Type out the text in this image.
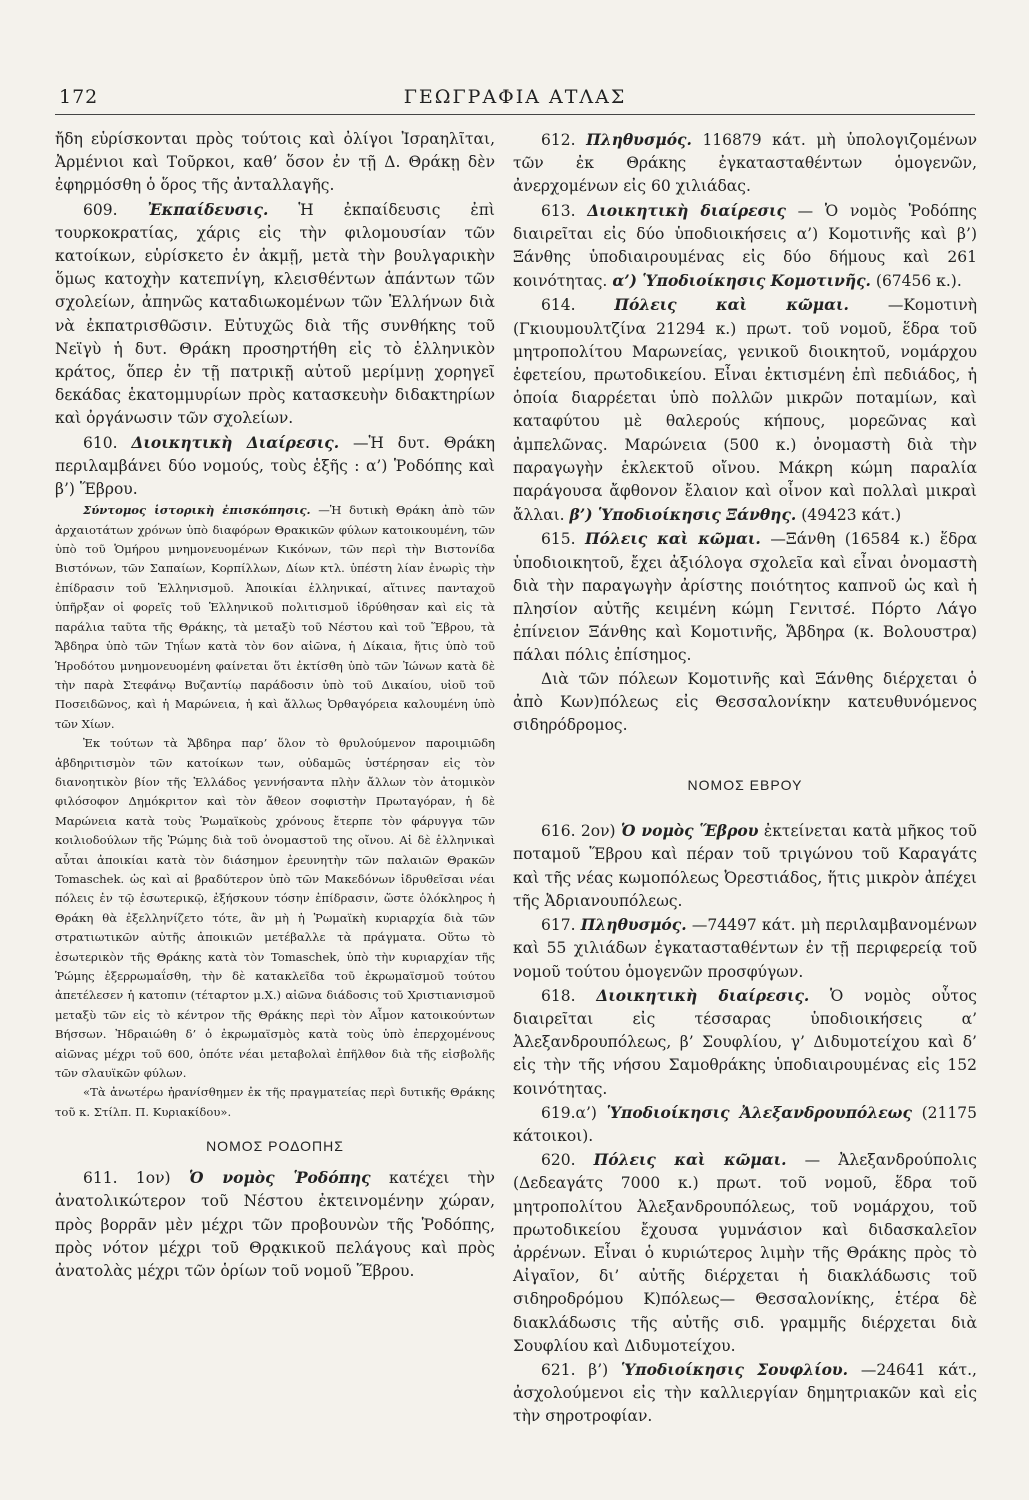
172	ΓΕΩΓΡΑΦΙΑ ΑΤΛΑΣ

ἤδη εὑρίσκονται πρὸς τούτοις καὶ ὀλίγοι Ἰσραηλῖται, Ἀρμένιοι καὶ Τοῦρκοι, καθ’ ὅσον ἐν τῇ Δ. Θράκῃ δὲν ἐφηρμόσθη ὁ ὅρος τῆς ἀνταλλαγῆς.

609. Ἐκπαίδευσις. Ἡ ἐκπαίδευσις ἐπὶ τουρκοκρατίας, χάρις εἰς τὴν φιλομουσίαν τῶν κατοίκων, εὑρίσκετο ἐν ἀκμῇ, μετὰ τὴν βουλγαρικὴν ὅμως κατοχὴν κατεπνίγη, κλεισθέντων ἁπάντων τῶν σχολείων, ἀπηνῶς καταδιωκομένων τῶν Ἑλλήνων διὰ νὰ ἐκπατρισθῶσιν. Εὐτυχῶς διὰ τῆς συνθήκης τοῦ Νεϊγὺ ἡ δυτ. Θράκη προσηρτήθη εἰς τὸ ἑλληνικὸν κράτος, ὅπερ ἐν τῇ πατρικῇ αὐτοῦ μερίμνῃ χορηγεῖ δεκάδας ἑκατομμυρίων πρὸς κατασκευὴν διδακτηρίων καὶ ὀργάνωσιν τῶν σχολείων.

610. Διοικητικὴ Διαίρεσις. —Ἡ δυτ. Θράκη περιλαμβάνει δύο νομούς, τοὺς ἑξῆς : α’) Ῥοδόπης καὶ β’) Ἕβρου.

Σύντομος ἱστορικὴ ἐπισκόπησις. —Ἡ δυτικὴ Θράκη ἀπὸ τῶν ἀρχαιοτάτων χρόνων ὑπὸ διαφόρων Θρακικῶν φύλων κατοικουμένη, τῶν ὑπὸ τοῦ Ὁμήρου μνημονευομένων Κικόνων, τῶν περὶ τὴν Βιστονίδα Βιστόνων, τῶν Σαπαίων, Κορπίλλων, Δίων κτλ. ὑπέστη λίαν ἐνωρὶς τὴν ἐπίδρασιν τοῦ Ἑλληνισμοῦ. Ἀποικίαι ἑλληνικαί, αἵτινες πανταχοῦ ὑπῆρξαν οἱ φορεῖς τοῦ Ἑλληνικοῦ πολιτισμοῦ ἱδρύθησαν καὶ εἰς τὰ παράλια ταῦτα τῆς Θράκης, τὰ μεταξὺ τοῦ Νέστου καὶ τοῦ Ἕβρου, τὰ Ἄβδηρα ὑπὸ τῶν Τηΐων κατὰ τὸν 6ον αἰῶνα, ἡ Δίκαια, ἥτις ὑπὸ τοῦ Ἡροδότου μνημονευομένη φαίνεται ὅτι ἐκτίσθη ὑπὸ τῶν Ἰώνων κατὰ δὲ τὴν παρὰ Στεφάνῳ Βυζαντίῳ παράδοσιν ὑπὸ τοῦ Δικαίου, υἱοῦ τοῦ Ποσειδῶνος, καὶ ἡ Μαρώνεια, ἡ καὶ ἄλλως Ὀρθαγόρεια καλουμένη ὑπὸ τῶν Χίων.

Ἐκ τούτων τὰ Ἄβδηρα παρ’ ὅλον τὸ θρυλούμενον παροιμιῶδη ἀβδηριτισμὸν τῶν κατοίκων των, οὐδαμῶς ὑστέρησαν εἰς τὸν διανοητικὸν βίον τῆς Ἑλλάδος γεννήσαντα πλὴν ἄλλων τὸν ἀτομικὸν φιλόσοφον Δημόκριτον καὶ τὸν ἄθεον σοφιστὴν Πρωταγόραν, ἡ δὲ Μαρώνεια κατὰ τοὺς Ῥωμαϊκοὺς χρόνους ἔτερπε τὸν φάρυγγα τῶν κοιλιοδούλων τῆς Ῥώμης διὰ τοῦ ὀνομαστοῦ της οἴνου. Αἱ δὲ ἑλληνικαὶ αὗται ἀποικίαι κατὰ τὸν διάσημον ἐρευνητὴν τῶν παλαιῶν Θρακῶν Tomaschek. ὡς καὶ αἱ βραδύτερον ὑπὸ τῶν Μακεδόνων ἱδρυθεῖσαι νέαι πόλεις ἐν τῷ ἐσωτερικῷ, ἐξήσκουν τόσην ἐπίδρασιν, ὥστε ὁλόκληρος ἡ Θράκη θὰ ἐξελληνίζετο τότε, ἂν μὴ ἡ Ῥωμαϊκὴ κυριαρχία διὰ τῶν στρατιωτικῶν αὐτῆς ἀποικιῶν μετέβαλλε τὰ πράγματα. Οὕτω τὸ ἐσωτερικὸν τῆς Θράκης κατὰ τὸν Tomaschek, ὑπὸ τὴν κυριαρχίαν τῆς Ῥώμης ἐξερρωμαΐσθη, τὴν δὲ κατακλεῖδα τοῦ ἐκρωμαϊσμοῦ τούτου ἀπετέλεσεν ἡ κατοπιν (τέταρτον μ.Χ.) αἰῶνα διάδοσις τοῦ Χριστιανισμοῦ μεταξὺ τῶν εἰς τὸ κέντρον τῆς Θράκης περὶ τὸν Αἶμον κατοικούντων Βήσσων. Ἠδραιώθη δ’ ὁ ἐκρωμαϊσμὸς κατὰ τοὺς ὑπὸ ἐπερχομένους αἰῶνας μέχρι τοῦ 600, ὁπότε νέαι μεταβολαὶ ἐπῆλθον διὰ τῆς εἰσβολῆς τῶν σλαυϊκῶν φύλων.

«Τὰ ἀνωτέρω ἠρανίσθημεν ἐκ τῆς πραγματείας περὶ δυτικῆς Θράκης τοῦ κ. Στίλπ. Π. Κυριακίδου».

ΝΟΜΟΣ ΡΟΔΟΠΗΣ

611. 1ον) Ὁ νομὸς Ῥοδόπης κατέχει τὴν ἀνατολικώτερον τοῦ Νέστου ἐκτεινομένην χώραν, πρὸς βορρᾶν μὲν μέχρι τῶν προβουνὼν τῆς Ῥοδόπης, πρὸς νότον μέχρι τοῦ Θρᾳκικοῦ πελάγους καὶ πρὸς ἀνατολὰς μέχρι τῶν ὁρίων τοῦ νομοῦ Ἕβρου.

612. Πληθυσμός. 116879 κάτ. μὴ ὑπολογιζομένων τῶν ἐκ Θράκης ἐγκατασταθέντων ὁμογενῶν, ἀνερχομένων εἰς 60 χιλιάδας.

613. Διοικητικὴ διαίρεσις — Ὁ νομὸς Ῥοδόπης διαιρεῖται εἰς δύο ὑποδιοικήσεις α’) Κομοτινῆς καὶ β’) Ξάνθης ὑποδιαιρουμένας εἰς δύο δήμους καὶ 261 κοινότητας. α’) Ὑποδιοίκησις Κομοτινῆς. (67456 κ.).

614.	Πόλεις καὶ κῶμαι.	—Κομοτινὴ (Γκιουμουλτζίνα 21294 κ.) πρωτ. τοῦ νομοῦ, ἕδρα τοῦ μητροπολίτου Μαρωνείας, γενικοῦ διοικητοῦ, νομάρχου ἐφετείου, πρωτοδικείου. Εἶναι ἐκτισμένη ἐπὶ πεδιάδος, ἡ ὁποία διαρρέεται ὑπὸ πολλῶν μικρῶν ποταμίων, καὶ καταφύτου μὲ θαλερούς κήπους, μορεῶνας καὶ ἀμπελῶνας. Μαρώνεια (500 κ.) ὀνομαστὴ διὰ τὴν παραγωγὴν ἐκλεκτοῦ οἴνου. Μάκρη κώμη παραλία παράγουσα ἄφθονον ἔλαιον καὶ οἶνον καὶ πολλαὶ μικραὶ ἄλλαι. β’) Ὑποδιοίκησις Ξάνθης. (49423 κάτ.)

615. Πόλεις καὶ κῶμαι. —Ξάνθη (16584 κ.) ἕδρα ὑποδιοικητοῦ, ἔχει ἀξιόλογα σχολεῖα καὶ εἶναι ὀνομαστὴ διὰ τὴν παραγωγὴν ἀρίστης ποιότητος καπνοῦ ὡς καὶ ἡ πλησίον αὐτῆς κειμένη κώμη Γενιτσέ. Πόρτο Λάγο ἐπίνειον Ξάνθης καὶ Κομοτινῆς, Ἄβδηρα (κ. Βολουστρα) πάλαι πόλις ἐπίσημος.

Διὰ τῶν πόλεων Κομοτινῆς καὶ Ξάνθης διέρχεται ὁ ἀπὸ Κων)πόλεως εἰς Θεσσαλονίκην κατευθυνόμενος σιδηρόδρομος.

ΝΟΜΟΣ ΕΒΡΟΥ

616. 2ον) Ὁ νομὸς Ἕβρου ἐκτείνεται κατὰ μῆκος τοῦ ποταμοῦ Ἕβρου καὶ πέραν τοῦ τριγώνου τοῦ Καραγάτς καὶ τῆς νέας κωμοπόλεως Ὀρεστιάδος, ἥτις μικρὸν ἀπέχει τῆς Ἀδριανουπόλεως.

617. Πληθυσμός. —74497 κάτ. μὴ περιλαμβανομένων καὶ 55 χιλιάδων ἐγκατασταθέντων ἐν τῇ περιφερείᾳ τοῦ νομοῦ τούτου ὁμογενῶν προσφύγων.

618. Διοικητικὴ διαίρεσις. Ὁ νομὸς οὗτος διαιρεῖται εἰς τέσσαρας ὑποδιοικήσεις α’ Ἀλεξανδρουπόλεως, β’ Σουφλίου, γ’ Διδυμοτείχου καὶ δ’ εἰς τὴν τῆς νήσου Σαμοθράκης ὑποδιαιρουμένας εἰς 152 κοινότητας.

619.α’) Ὑποδιοίκησις Ἀλεξανδρουπόλεως (21175 κάτοικοι).

620. Πόλεις καὶ κῶμαι. — Ἀλεξανδρούπολις (Δεδεαγάτς 7000 κ.) πρωτ. τοῦ νομοῦ, ἕδρα τοῦ μητροπολίτου Ἀλεξανδρουπόλεως, τοῦ νομάρχου, τοῦ πρωτοδικείου ἔχουσα γυμνάσιον καὶ διδασκαλεῖον ἀρρένων. Εἶναι ὁ κυριώτερος λιμὴν τῆς Θράκης πρὸς τὸ Αἰγαῖον, δι’ αὐτῆς διέρχεται ἡ διακλάδωσις τοῦ σιδηροδρόμου Κ)πόλεως— Θεσσαλονίκης, ἑτέρα δὲ διακλάδωσις τῆς αὐτῆς σιδ. γραμμῆς διέρχεται διὰ Σουφλίου καὶ Διδυμοτείχου.

621. β’) Ὑποδιοίκησις Σουφλίου. —24641 κάτ., ἀσχολούμενοι εἰς τὴν καλλιεργίαν δημητριακῶν καὶ εἰς τὴν σηροτροφίαν.
